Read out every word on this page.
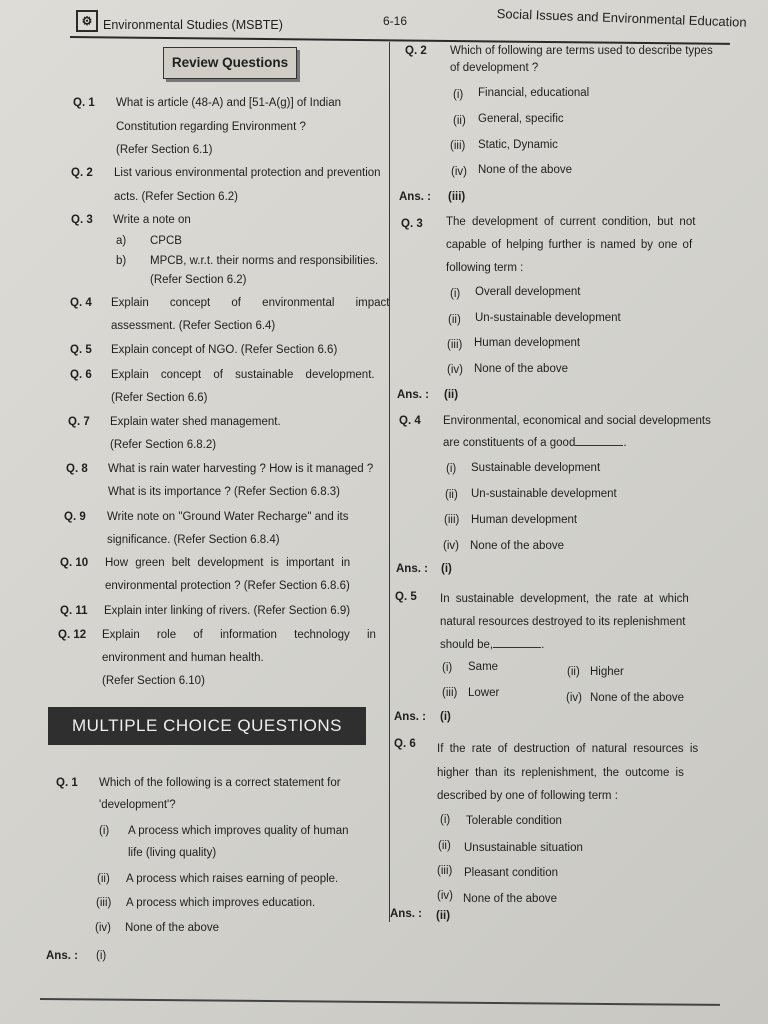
⚙ Environmental Studies (MSBTE)	6-16	Social Issues and Environmental Education
Review Questions
Q. 1 What is article (48-A) and [51-A(g)] of Indian
Constitution regarding Environment ?
(Refer Section 6.1)
Q. 2 List various environmental protection and prevention
acts. (Refer Section 6.2)
Q. 3 Write a note on
a) CPCB
b) MPCB, w.r.t. their norms and responsibilities.
(Refer Section 6.2)
Q. 4 Explain concept of environmental impact
assessment. (Refer Section 6.4)
Q. 5 Explain concept of NGO. (Refer Section 6.6)
Q. 6 Explain concept of sustainable development.
(Refer Section 6.6)
Q. 7 Explain water shed management.
(Refer Section 6.8.2)
Q. 8 What is rain water harvesting ? How is it managed ?
What is its importance ? (Refer Section 6.8.3)
Q. 9 Write note on "Ground Water Recharge" and its
significance. (Refer Section 6.8.4)
Q. 10 How green belt development is important in
environmental protection ? (Refer Section 6.8.6)
Q. 11 Explain inter linking of rivers. (Refer Section 6.9)
Q. 12 Explain role of information technology in
environment and human health.
(Refer Section 6.10)
MULTIPLE CHOICE QUESTIONS
Q. 1 Which of the following is a correct statement for
'development'?
(i) A process which improves quality of human
life (living quality)
(ii) A process which raises earning of people.
(iii) A process which improves education.
(iv) None of the above
Ans. : (i)
Q. 2 Which of following are terms used to describe types
of development ?
(i) Financial, educational
(ii) General, specific
(iii) Static, Dynamic
(iv) None of the above
Ans. : (iii)
Q. 3 The development of current condition, but not
capable of helping further is named by one of
following term :
(i) Overall development
(ii) Un-sustainable development
(iii) Human development
(iv) None of the above
Ans. : (ii)
Q. 4 Environmental, economical and social developments
are constituents of a good	.
(i) Sustainable development
(ii) Un-sustainable development
(iii) Human development
(iv) None of the above
Ans. : (i)
Q. 5 In sustainable development, the rate at which
natural resources destroyed to its replenishment
should be,	.
(i) Same	(ii) Higher
(iii) Lower	(iv) None of the above
Ans. : (i)
Q. 6 If the rate of destruction of natural resources is
higher than its replenishment, the outcome is
described by one of following term :
(i) Tolerable condition
(ii) Unsustainable situation
(iii) Pleasant condition
(iv) None of the above
Ans. : (ii)
